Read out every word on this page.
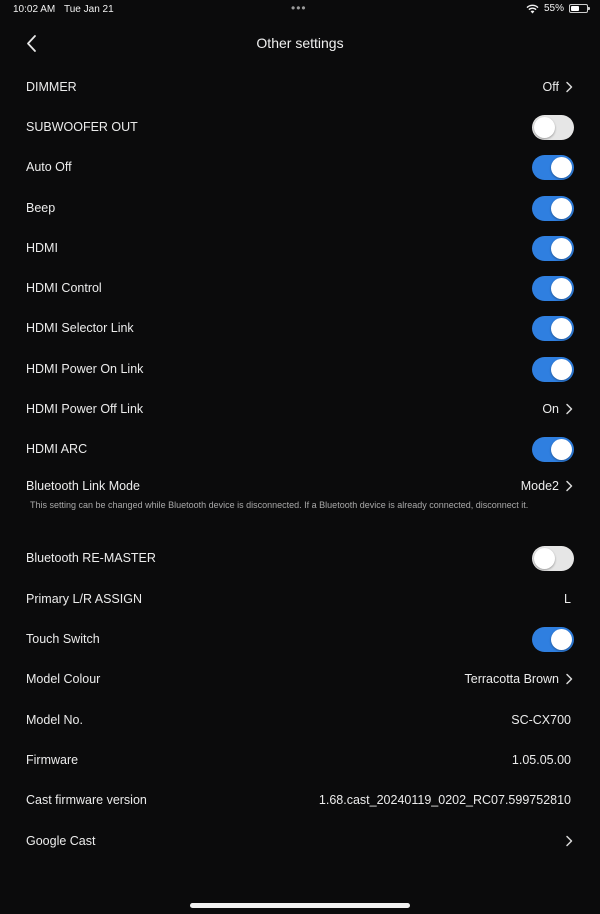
10:02 AM Tue Jan 21	•••	55%
Other settings
DIMMER	Off
SUBWOOFER OUT
Auto Off
Beep
HDMI
HDMI Control
HDMI Selector Link
HDMI Power On Link
HDMI Power Off Link	On
HDMI ARC
Bluetooth Link Mode	Mode2
This setting can be changed while Bluetooth device is disconnected. If a Bluetooth device is already connected, disconnect it.
Bluetooth RE-MASTER
Primary L/R ASSIGN	L
Touch Switch
Model Colour	Terracotta Brown
Model No.	SC-CX700
Firmware	1.05.05.00
Cast firmware version	1.68.cast_20240119_0202_RC07.599752810
Google Cast
